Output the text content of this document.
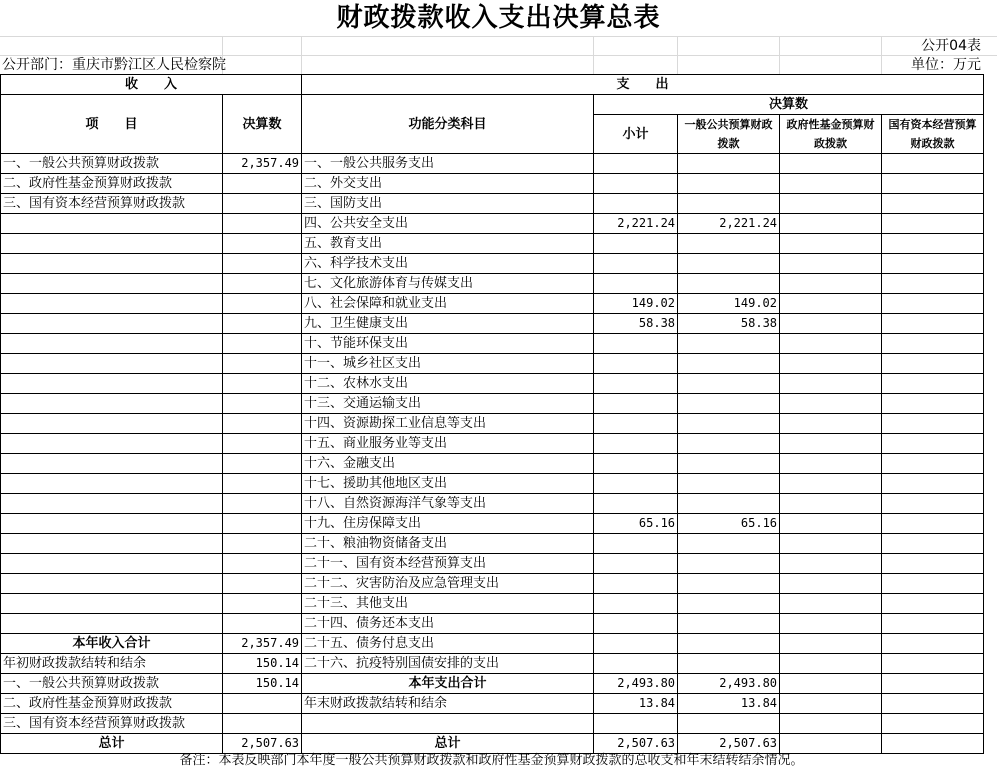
财政拨款收入支出决算总表
公开04表
公开部门：重庆市黔江区人民检察院	单位：万元
收　　入		支　　出				
项　　目	决算数	功能分类科目	决算数			
			小计	一般公共预算财政拨款	政府性基金预算财政拨款	国有资本经营预算财政拨款
一、一般公共预算财政拨款	2,357.49	一、一般公共服务支出				
二、政府性基金预算财政拨款		二、外交支出				
三、国有资本经营预算财政拨款		三、国防支出				
		四、公共安全支出	2,221.24	2,221.24		
		五、教育支出				
		六、科学技术支出				
		七、文化旅游体育与传媒支出				
		八、社会保障和就业支出	149.02	149.02		
		九、卫生健康支出	58.38	58.38		
		十、节能环保支出				
		十一、城乡社区支出				
		十二、农林水支出				
		十三、交通运输支出				
		十四、资源勘探工业信息等支出				
		十五、商业服务业等支出				
		十六、金融支出				
		十七、援助其他地区支出				
		十八、自然资源海洋气象等支出				
		十九、住房保障支出	65.16	65.16		
		二十、粮油物资储备支出				
		二十一、国有资本经营预算支出				
		二十二、灾害防治及应急管理支出				
		二十三、其他支出				
		二十四、债务还本支出				
本年收入合计	2,357.49	二十五、债务付息支出				
年初财政拨款结转和结余	150.14	二十六、抗疫特别国债安排的支出				
一、一般公共预算财政拨款	150.14	本年支出合计	2,493.80	2,493.80		
二、政府性基金预算财政拨款		年末财政拨款结转和结余	13.84	13.84		
三、国有资本经营预算财政拨款						
总计	2,507.63	总计	2,507.63	2,507.63		
备注：本表反映部门本年度一般公共预算财政拨款和政府性基金预算财政拨款的总收支和年末结转结余情况。
